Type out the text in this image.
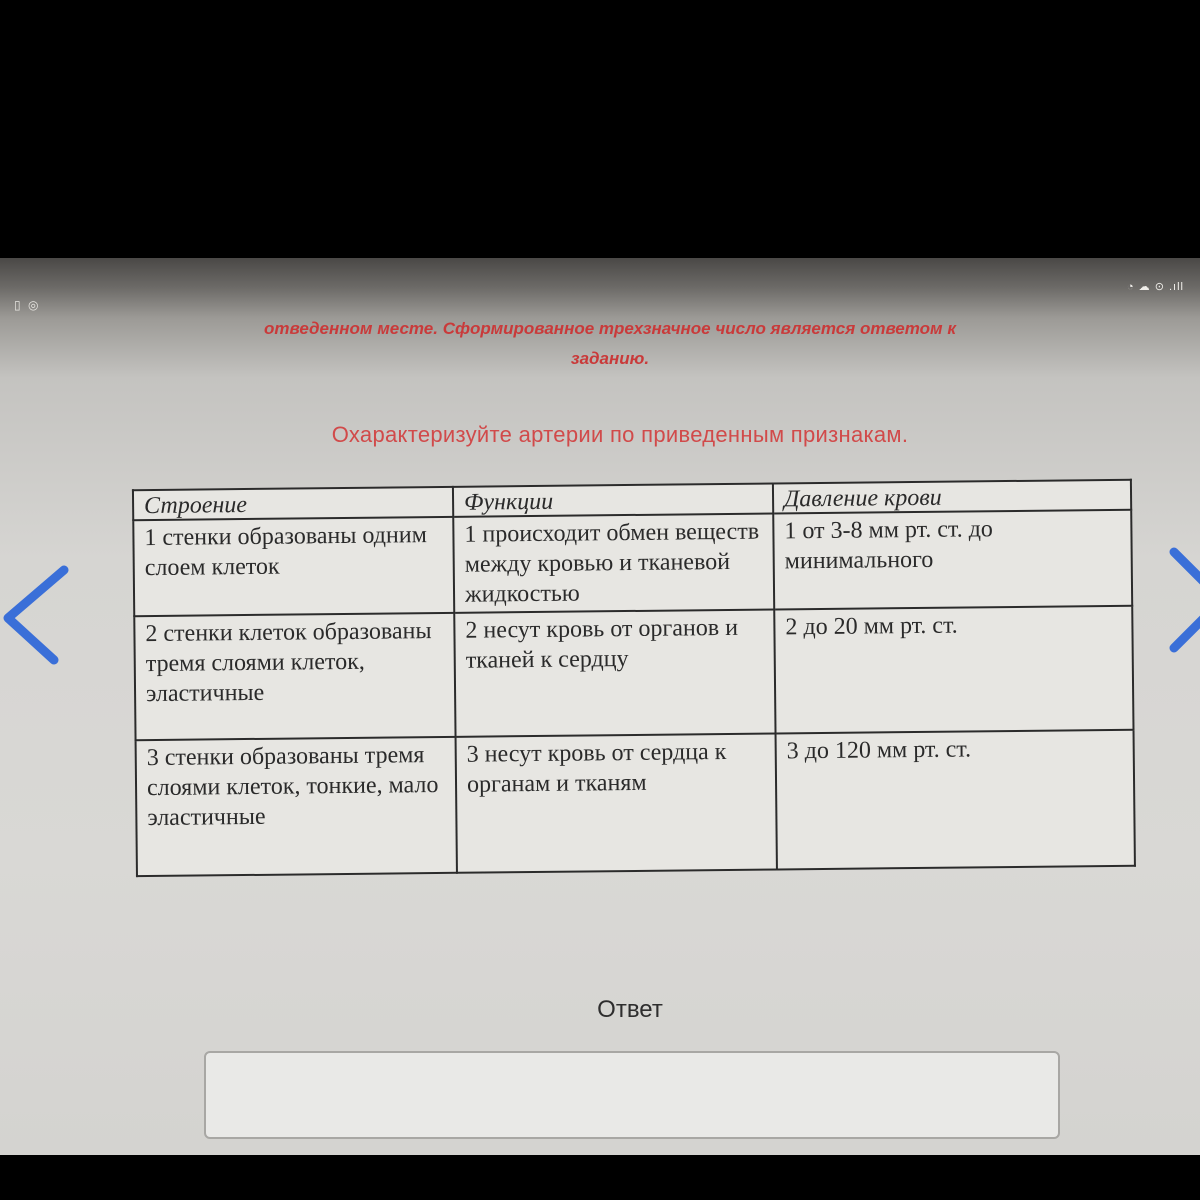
▯ ◎
◔ ☁ ⊙ .ıll
отведенном месте. Сформированное трехзначное число является ответом к
заданию.
Охарактеризуйте артерии по приведенным признакам.
Строение	Функции	Давление крови
1 стенки образованы одним слоем клеток	1 происходит обмен веществ между кровью и тканевой жидкостью	1 от 3-8 мм рт. ст. до минимального
2 стенки клеток образованы тремя слоями клеток, эластичные	2 несут кровь от органов и тканей к сердцу	2 до 20 мм рт. ст.
3 стенки образованы тремя слоями клеток, тонкие, мало эластичные	3 несут кровь от сердца к органам и тканям	3 до 120 мм рт. ст.
Ответ
